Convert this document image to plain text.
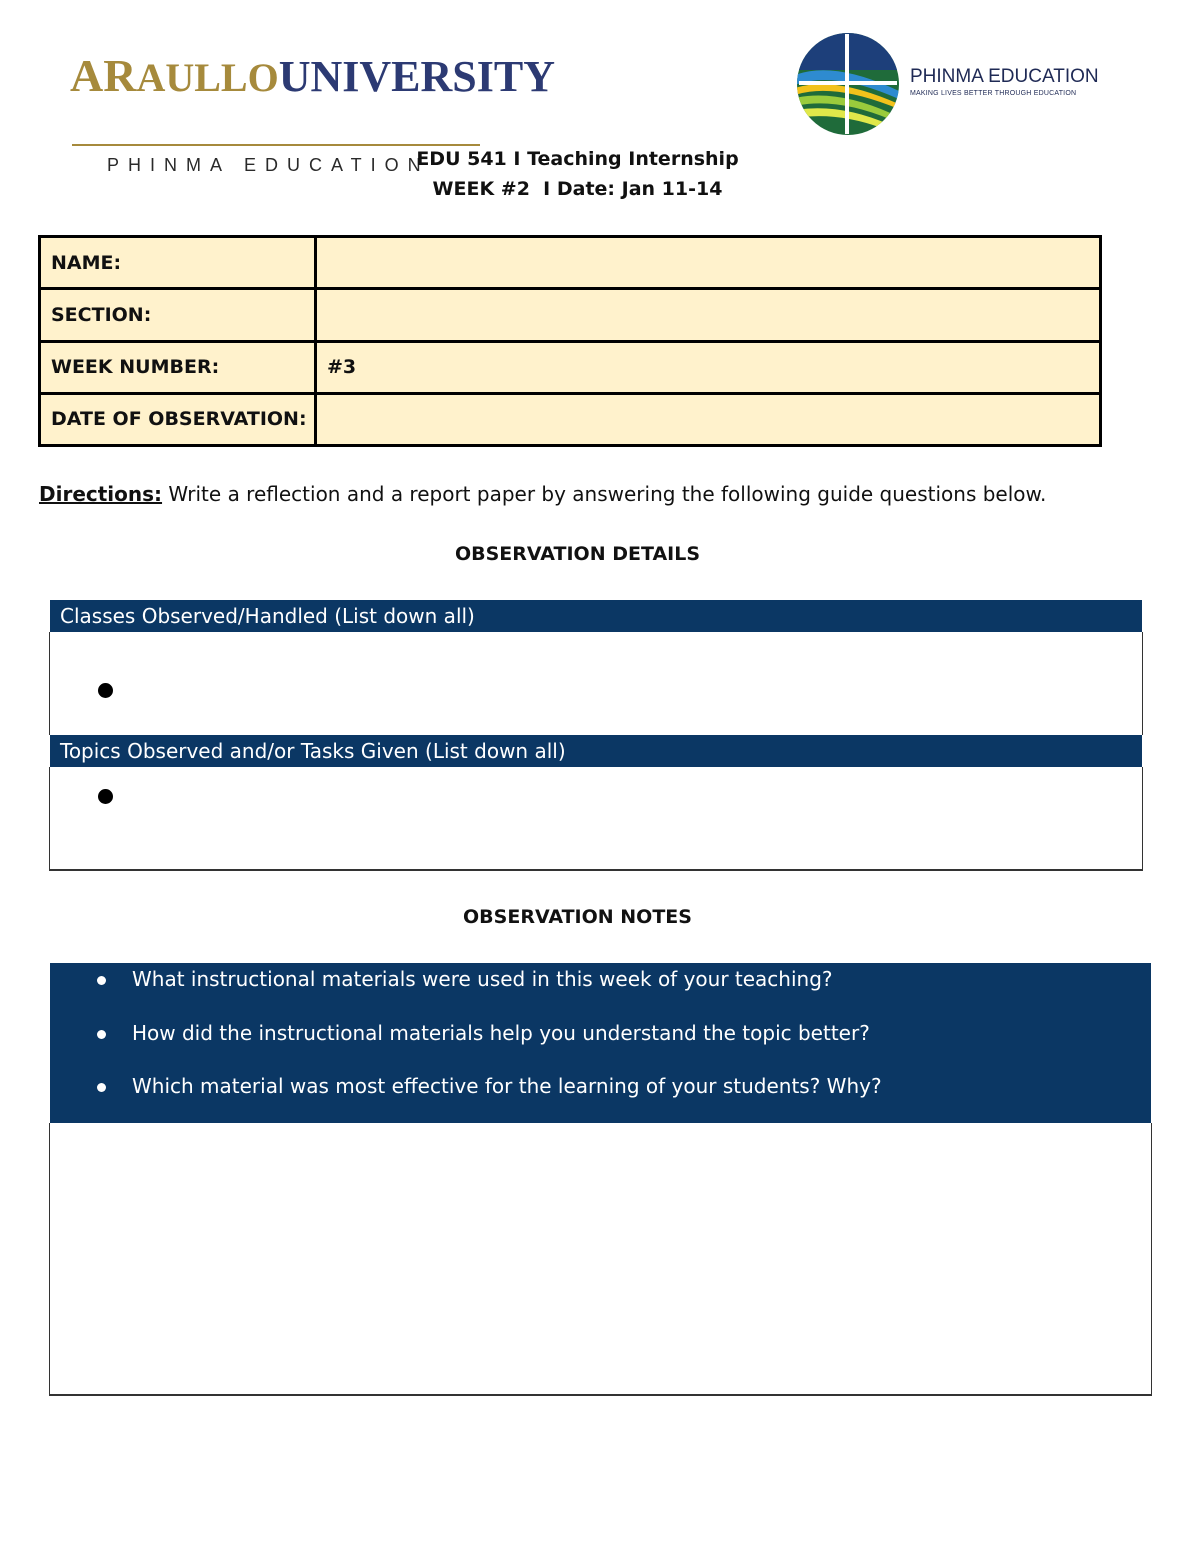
ARAULLOUNIVERSITY
PHINMA EDUCATION
PHINMA EDUCATION
MAKING LIVES BETTER THROUGH EDUCATION
EDU 541 I Teaching Internship
WEEK #2  I Date: Jan 11-14
NAME:	
SECTION:	
WEEK NUMBER:	#3
DATE OF OBSERVATION:	
Directions: Write a reflection and a report paper by answering the following guide questions below.
OBSERVATION DETAILS
Classes Observed/Handled (List down all)
Topics Observed and/or Tasks Given (List down all)
OBSERVATION NOTES
What instructional materials were used in this week of your teaching?
How did the instructional materials help you understand the topic better?
Which material was most effective for the learning of your students? Why?
